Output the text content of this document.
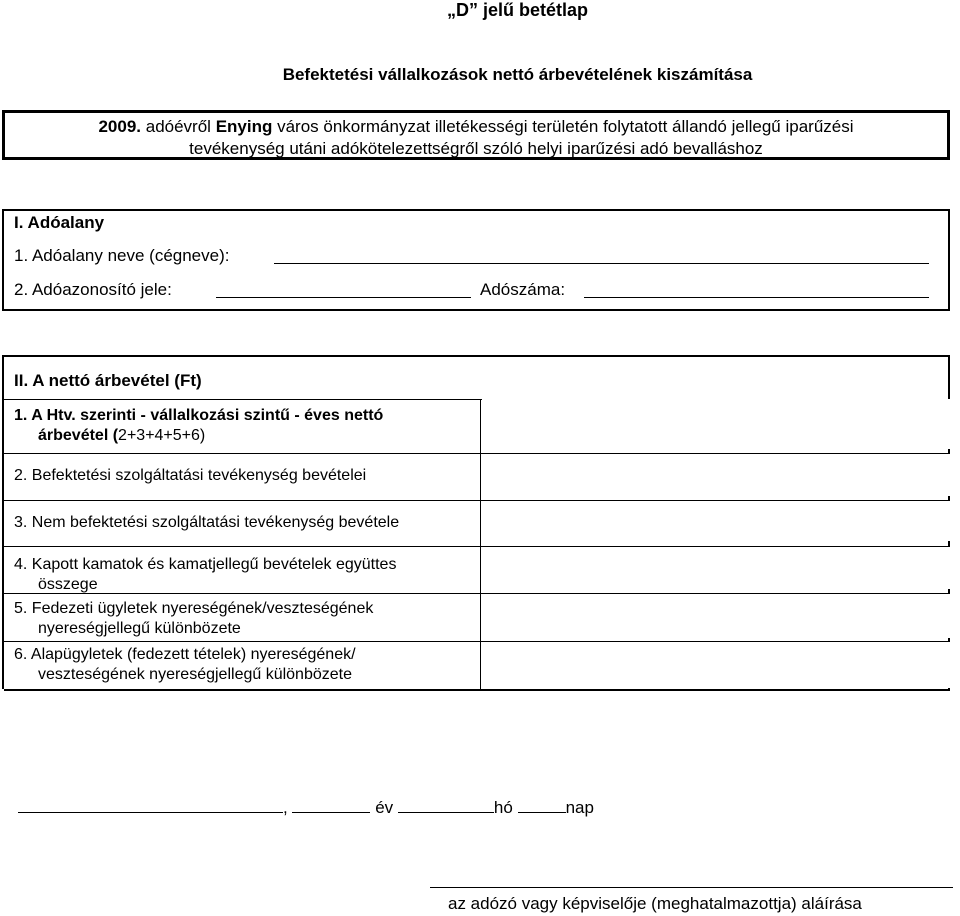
„D” jelű betétlap
Befektetési vállalkozások nettó árbevételének kiszámítása
2009. adóévről Enying város önkormányzat illetékességi területén folytatott állandó jellegű iparűzési
tevékenység utáni adókötelezettségről szóló helyi iparűzési adó bevalláshoz
I. Adóalany
1. Adóalany neve (cégneve):
2. Adóazonosító jele:	Adószáma:
II. A nettó árbevétel (Ft)
1. A Htv. szerinti - vállalkozási szintű - éves nettó
árbevétel (2+3+4+5+6)
2. Befektetési szolgáltatási tevékenység bevételei
3. Nem befektetési szolgáltatási tevékenység bevétele
4. Kapott kamatok és kamatjellegű bevételek együttes
összege
5. Fedezeti ügyletek nyereségének/veszteségének
nyereségjellegű különbözete
6. Alapügyletek (fedezett tételek) nyereségének/
veszteségének nyereségjellegű különbözete
,	év	hó	nap
az adózó vagy képviselője (meghatalmazottja) aláírása
